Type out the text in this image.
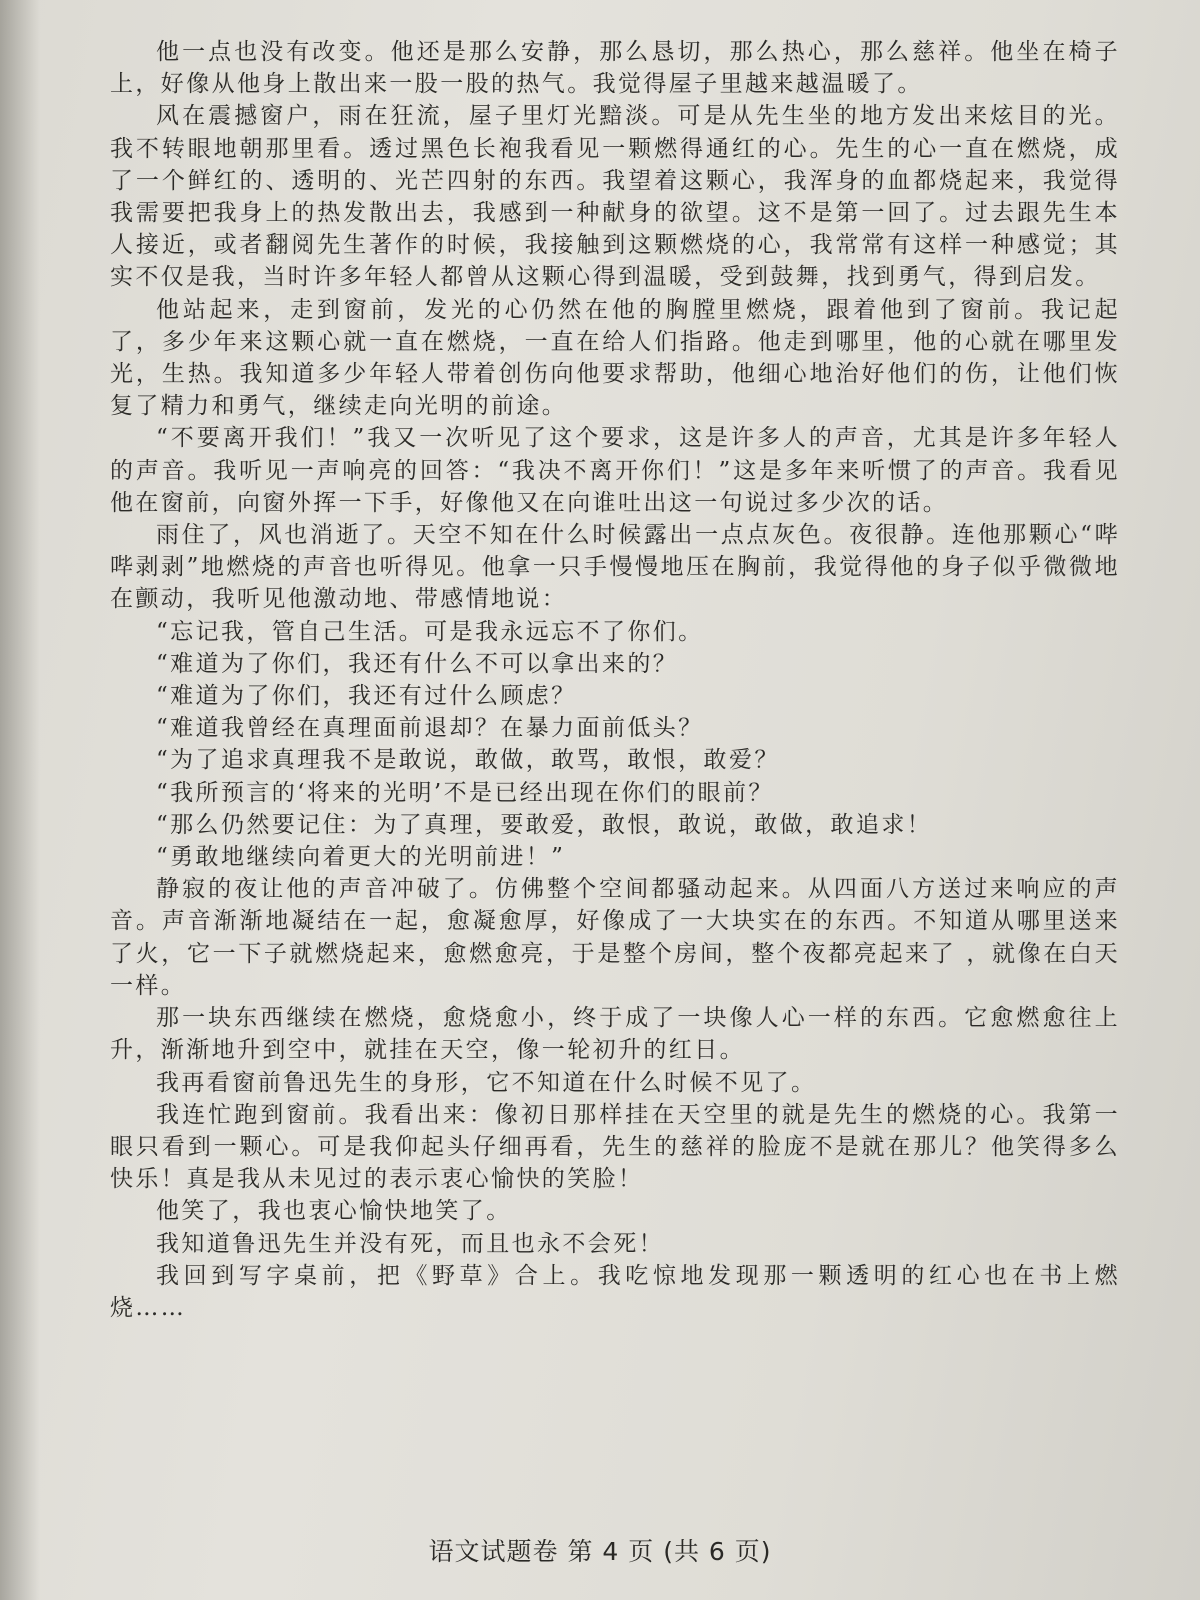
他一点也没有改变。他还是那么安静，那么恳切，那么热心，那么慈祥。他坐在椅子上，好像从他身上散出来一股一股的热气。我觉得屋子里越来越温暖了。

风在震撼窗户，雨在狂流，屋子里灯光黯淡。可是从先生坐的地方发出来炫目的光。我不转眼地朝那里看。透过黑色长袍我看见一颗燃得通红的心。先生的心一直在燃烧，成了一个鲜红的、透明的、光芒四射的东西。我望着这颗心，我浑身的血都烧起来，我觉得我需要把我身上的热发散出去，我感到一种献身的欲望。这不是第一回了。过去跟先生本人接近，或者翻阅先生著作的时候，我接触到这颗燃烧的心，我常常有这样一种感觉；其实不仅是我，当时许多年轻人都曾从这颗心得到温暖，受到鼓舞，找到勇气，得到启发。

他站起来，走到窗前，发光的心仍然在他的胸膛里燃烧，跟着他到了窗前。我记起了，多少年来这颗心就一直在燃烧，一直在给人们指路。他走到哪里，他的心就在哪里发光，生热。我知道多少年轻人带着创伤向他要求帮助，他细心地治好他们的伤，让他们恢复了精力和勇气，继续走向光明的前途。

“不要离开我们！”我又一次听见了这个要求，这是许多人的声音，尤其是许多年轻人的声音。我听见一声响亮的回答：“我决不离开你们！”这是多年来听惯了的声音。我看见他在窗前，向窗外挥一下手，好像他又在向谁吐出这一句说过多少次的话。

雨住了，风也消逝了。天空不知在什么时候露出一点点灰色。夜很静。连他那颗心“哔哔剥剥”地燃烧的声音也听得见。他拿一只手慢慢地压在胸前，我觉得他的身子似乎微微地在颤动，我听见他激动地、带感情地说：

“忘记我，管自己生活。可是我永远忘不了你们。

“难道为了你们，我还有什么不可以拿出来的？

“难道为了你们，我还有过什么顾虑？

“难道我曾经在真理面前退却？在暴力面前低头？

“为了追求真理我不是敢说，敢做，敢骂，敢恨，敢爱？

“我所预言的‘将来的光明’不是已经出现在你们的眼前？

“那么仍然要记住：为了真理，要敢爱，敢恨，敢说，敢做，敢追求！

“勇敢地继续向着更大的光明前进！”

静寂的夜让他的声音冲破了。仿佛整个空间都骚动起来。从四面八方送过来响应的声音。声音渐渐地凝结在一起，愈凝愈厚，好像成了一大块实在的东西。不知道从哪里送来了火，它一下子就燃烧起来，愈燃愈亮，于是整个房间，整个夜都亮起来了 ，就像在白天一样。

那一块东西继续在燃烧，愈烧愈小，终于成了一块像人心一样的东西。它愈燃愈往上升，渐渐地升到空中，就挂在天空，像一轮初升的红日。

我再看窗前鲁迅先生的身形，它不知道在什么时候不见了。

我连忙跑到窗前。我看出来：像初日那样挂在天空里的就是先生的燃烧的心。我第一眼只看到一颗心。可是我仰起头仔细再看，先生的慈祥的脸庞不是就在那儿？他笑得多么快乐！真是我从未见过的表示衷心愉快的笑脸！

他笑了，我也衷心愉快地笑了。

我知道鲁迅先生并没有死，而且也永不会死！

我回到写字桌前，把《野草》合上。我吃惊地发现那一颗透明的红心也在书上燃烧……

语文试题卷 第 4 页 (共 6 页)
